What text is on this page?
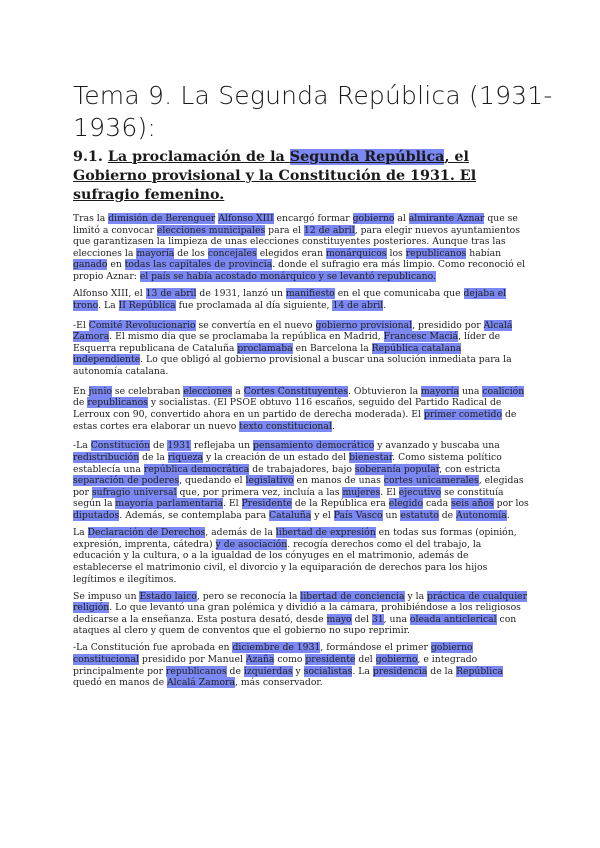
Tema 9. La Segunda República (1931-1936):
9.1. La proclamación de la Segunda República, el Gobierno provisional y la Constitución de 1931. El sufragio femenino.

Tras la dimisión de Berenguer Alfonso XIII encargó formar gobierno al almirante Aznar que se limitó a convocar elecciones municipales para el 12 de abril, para elegir nuevos ayuntamientos que garantizasen la limpieza de unas elecciones constituyentes posteriores. Aunque tras las elecciones la mayoría de los concejales elegidos eran monárquicos los republicanos habían ganado en todas las capitales de provincia. donde el sufragio era más limpio. Como reconoció el propio Aznar: el país se había acostado monárquico y se levantó republicano.

Alfonso XIII, el 13 de abril de 1931, lanzó un manifiesto en el que comunicaba que dejaba el trono. La II República fue proclamada al día siguiente, 14 de abril.

-El Comité Revolucionario se convertía en el nuevo gobierno provisional, presidido por Alcalá Zamora. El mismo día que se proclamaba la república en Madrid, Francesc Maciá, líder de Esquerra republicana de Cataluña proclamaba en Barcelona la República catalana independiente. Lo que obligó al gobierno provisional a buscar una solución inmediata para la autonomía catalana.

En junio se celebraban elecciones a Cortes Constituyentes. Obtuvieron la mayoría una coalición de republicanos y socialistas. (El PSOE obtuvo 116 escaños, seguido del Partido Radical de Lerroux con 90, convertido ahora en un partido de derecha moderada). El primer cometido de estas cortes era elaborar un nuevo texto constitucional.

-La Constitución de 1931 reflejaba un pensamiento democrático y avanzado y buscaba una redistribución de la riqueza y la creación de un estado del bienestar. Como sistema político establecía una república democrática de trabajadores, bajo soberanía popular, con estricta separación de poderes, quedando el legislativo en manos de unas cortes unicamerales, elegidas por sufragio universal que, por primera vez, incluía a las mujeres. El ejecutivo se constituía según la mayoría parlamentaria. El Presidente de la República era elegido cada seis años por los diputados. Además, se contemplaba para Cataluña y el País Vasco un estatuto de Autonomía.

La Declaración de Derechos, además de la libertad de expresión en todas sus formas (opinión, expresión, imprenta, cátedra) y de asociación. recogía derechos como el del trabajo, la educación y la cultura, o a la igualdad de los cónyuges en el matrimonio, además de establecerse el matrimonio civil, el divorcio y la equiparación de derechos para los hijos legítimos e ilegítimos.

Se impuso un Estado laico, pero se reconocía la libertad de conciencia y la práctica de cualquier religión. Lo que levantó una gran polémica y dividió a la cámara, prohibiéndose a los religiosos dedicarse a la enseñanza. Esta postura desató, desde mayo del 31, una oleada anticlerical con ataques al clero y quem de conventos que el gobierno no supo reprimir.

-La Constitución fue aprobada en diciembre de 1931, formándose el primer gobierno constitucional presidido por Manuel Azaña como presidente del gobierno, e integrado principalmente por republicanos de izquierdas y socialistas. La presidencia de la República quedó en manos de Alcalá Zamora, más conservador.
